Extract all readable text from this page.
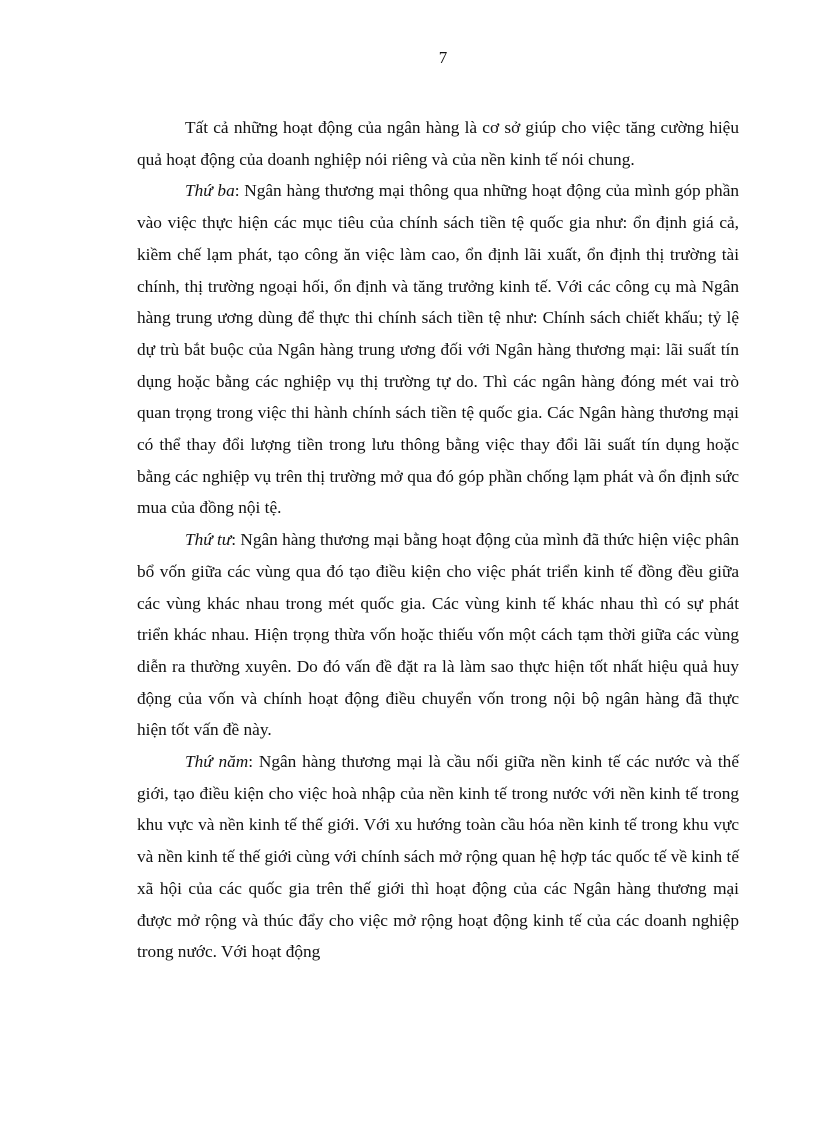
7

Tất cả những hoạt động của ngân hàng là cơ sở giúp cho việc tăng cường hiệu quả hoạt động của doanh nghiệp nói riêng và của nền kinh tế nói chung.

Thứ ba: Ngân hàng thương mại thông qua những hoạt động của mình góp phần vào việc thực hiện các mục tiêu của chính sách tiền tệ quốc gia như: ổn định giá cả, kiềm chế lạm phát, tạo công ăn việc làm cao, ổn định lãi xuất, ổn định thị trường tài chính, thị trường ngoại hối, ổn định và tăng trưởng kinh tế. Với các công cụ mà Ngân hàng trung ương dùng để thực thi chính sách tiền tệ như: Chính sách chiết khấu; tỷ lệ dự trù bắt buộc của Ngân hàng trung ương đối với Ngân hàng thương mại: lãi suất tín dụng hoặc bằng các nghiệp vụ thị trường tự do. Thì các ngân hàng đóng mét vai trò quan trọng trong việc thi hành chính sách tiền tệ quốc gia. Các Ngân hàng thương mại có thể thay đổi lượng tiền trong lưu thông bằng việc thay đổi lãi suất tín dụng hoặc bằng các nghiệp vụ trên thị trường mở qua đó góp phần chống lạm phát và ổn định sức mua của đồng nội tệ.

Thứ tư: Ngân hàng thương mại bằng hoạt động của mình đã thức hiện việc phân bổ vốn giữa các vùng qua đó tạo điều kiện cho việc phát triển kinh tế đồng đều giữa các vùng khác nhau trong mét quốc gia. Các vùng kinh tế khác nhau thì có sự phát triển khác nhau. Hiện trọng thừa vốn hoặc thiếu vốn một cách tạm thời giữa các vùng diễn ra thường xuyên. Do đó vấn đề đặt ra là làm sao thực hiện tốt nhất hiệu quả huy động của vốn và chính hoạt động điều chuyển vốn trong nội bộ ngân hàng đã thực hiện tốt vấn đề này.

Thứ năm: Ngân hàng thương mại là cầu nối giữa nền kinh tế các nước và thế giới, tạo điều kiện cho việc hoà nhập của nền kinh tế trong nước với nền kinh tế trong khu vực và nền kinh tế thế giới. Với xu hướng toàn cầu hóa nền kinh tế trong khu vực và nền kinh tế thế giới cùng với chính sách mở rộng quan hệ hợp tác quốc tế về kinh tế xã hội của các quốc gia trên thế giới thì hoạt động của các Ngân hàng thương mại được mở rộng và thúc đẩy cho việc mở rộng hoạt động kinh tế của các doanh nghiệp trong nước. Với hoạt động
